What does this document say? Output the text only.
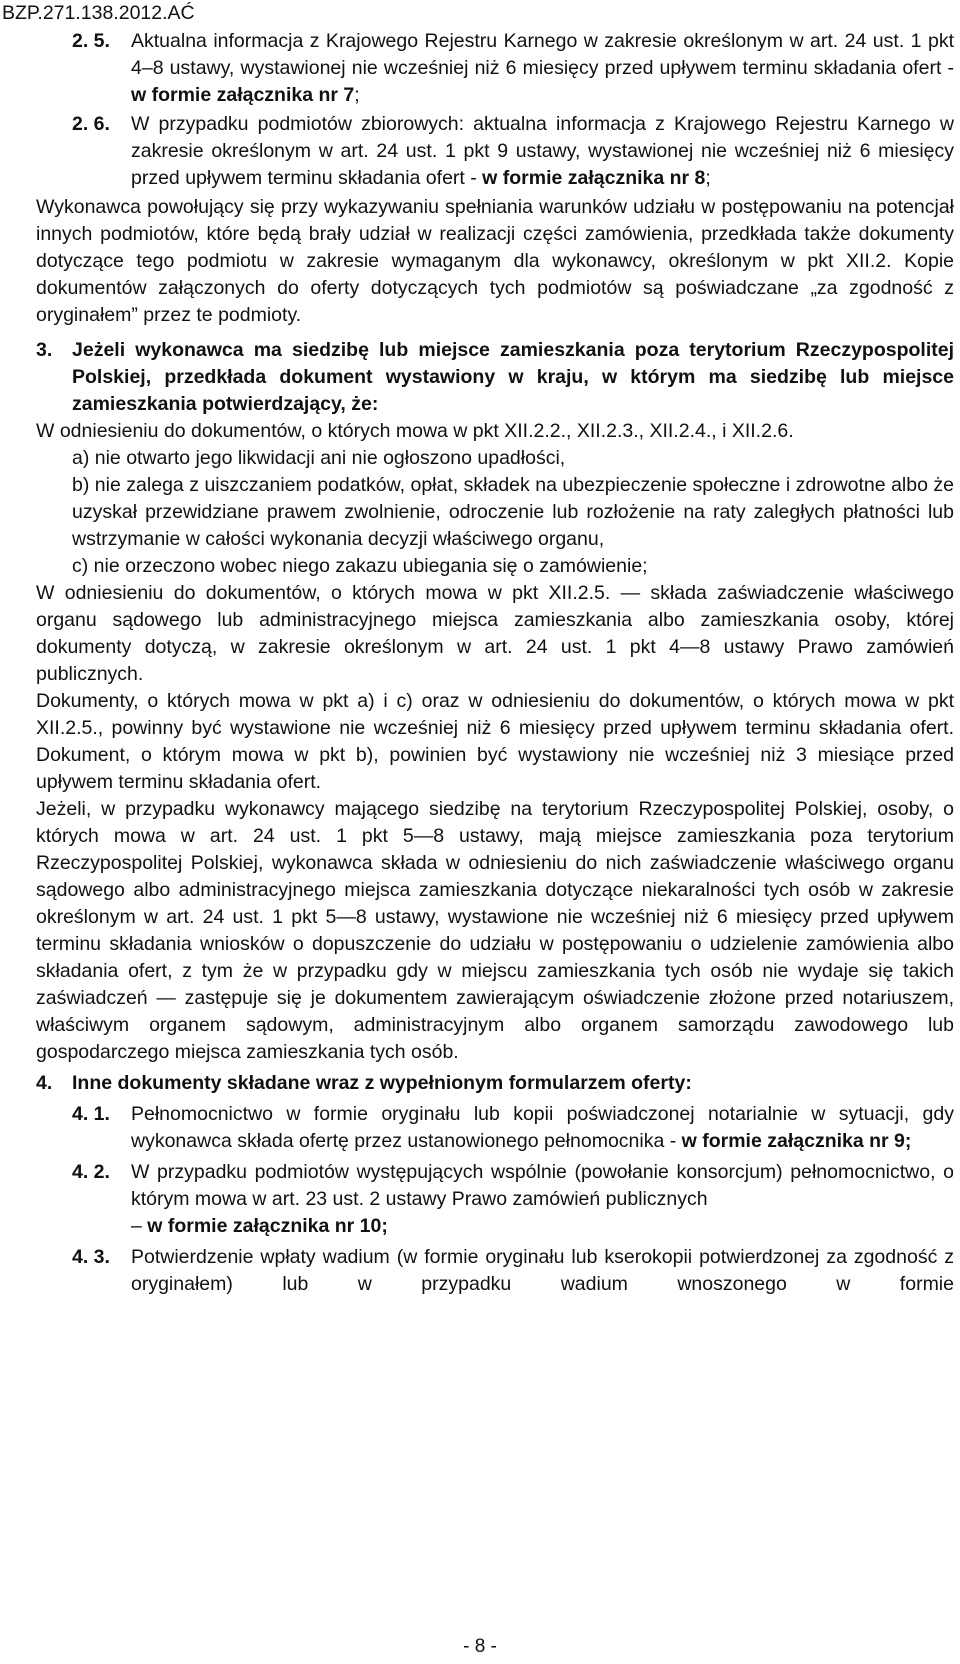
BZP.271.138.2012.AĆ
2. 5. Aktualna informacja z Krajowego Rejestru Karnego w zakresie określonym w art. 24 ust. 1 pkt 4–8 ustawy, wystawionej nie wcześniej niż 6 miesięcy przed upływem terminu składania ofert - w formie załącznika nr 7;

2. 6. W przypadku podmiotów zbiorowych: aktualna informacja z Krajowego Rejestru Karnego w zakresie określonym w art. 24 ust. 1 pkt 9 ustawy, wystawionej nie wcześniej niż 6 miesięcy przed upływem terminu składania ofert - w formie załącznika nr 8;

Wykonawca powołujący się przy wykazywaniu spełniania warunków udziału w postępowaniu na potencjał innych podmiotów, które będą brały udział w realizacji części zamówienia, przedkłada także dokumenty dotyczące tego podmiotu w zakresie wymaganym dla wykonawcy, określonym w pkt XII.2. Kopie dokumentów załączonych do oferty dotyczących tych podmiotów są poświadczane „za zgodność z oryginałem” przez te podmioty.

3. Jeżeli wykonawca ma siedzibę lub miejsce zamieszkania poza terytorium Rzeczypospolitej Polskiej, przedkłada dokument wystawiony w kraju, w którym ma siedzibę lub miejsce zamieszkania potwierdzający, że:

W odniesieniu do dokumentów, o których mowa w pkt XII.2.2., XII.2.3., XII.2.4., i XII.2.6.

a) nie otwarto jego likwidacji ani nie ogłoszono upadłości,

b) nie zalega z uiszczaniem podatków, opłat, składek na ubezpieczenie społeczne i zdrowotne albo że uzyskał przewidziane prawem zwolnienie, odroczenie lub rozłożenie na raty zaległych płatności lub wstrzymanie w całości wykonania decyzji właściwego organu,

c) nie orzeczono wobec niego zakazu ubiegania się o zamówienie;

W odniesieniu do dokumentów, o których mowa w pkt XII.2.5. — składa zaświadczenie właściwego organu sądowego lub administracyjnego miejsca zamieszkania albo zamieszkania osoby, której dokumenty dotyczą, w zakresie określonym w art. 24 ust. 1 pkt 4—8 ustawy Prawo zamówień publicznych.

Dokumenty, o których mowa w pkt a) i c) oraz w odniesieniu do dokumentów, o których mowa w pkt XII.2.5., powinny być wystawione nie wcześniej niż 6 miesięcy przed upływem terminu składania ofert. Dokument, o którym mowa w pkt b), powinien być wystawiony nie wcześniej niż 3 miesiące przed upływem terminu składania ofert.

Jeżeli, w przypadku wykonawcy mającego siedzibę na terytorium Rzeczypospolitej Polskiej, osoby, o których mowa w art. 24 ust. 1 pkt 5—8 ustawy, mają miejsce zamieszkania poza terytorium Rzeczypospolitej Polskiej, wykonawca składa w odniesieniu do nich zaświadczenie właściwego organu sądowego albo administracyjnego miejsca zamieszkania dotyczące niekaralności tych osób w zakresie określonym w art. 24 ust. 1 pkt 5—8 ustawy, wystawione nie wcześniej niż 6 miesięcy przed upływem terminu składania wniosków o dopuszczenie do udziału w postępowaniu o udzielenie zamówienia albo składania ofert, z tym że w przypadku gdy w miejscu zamieszkania tych osób nie wydaje się takich zaświadczeń — zastępuje się je dokumentem zawierającym oświadczenie złożone przed notariuszem, właściwym organem sądowym, administracyjnym albo organem samorządu zawodowego lub gospodarczego miejsca zamieszkania tych osób.

4. Inne dokumenty składane wraz z wypełnionym formularzem oferty:

4. 1. Pełnomocnictwo w formie oryginału lub kopii poświadczonej notarialnie w sytuacji, gdy wykonawca składa ofertę przez ustanowionego pełnomocnika - w formie załącznika nr 9;

4. 2. W przypadku podmiotów występujących wspólnie (powołanie konsorcjum) pełnomocnictwo, o którym mowa w art. 23 ust. 2 ustawy Prawo zamówień publicznych

– w formie załącznika nr 10;

4. 3. Potwierdzenie wpłaty wadium (w formie oryginału lub kserokopii potwierdzonej za zgodność z oryginałem) lub w przypadku wadium wnoszonego w formie

- 8 -
